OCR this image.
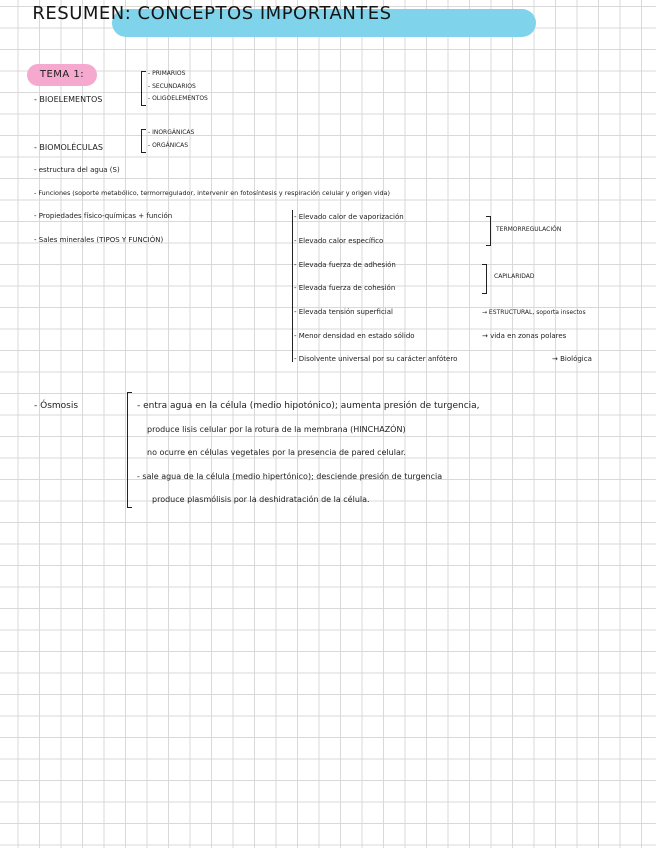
RESUMEN: CONCEPTOS IMPORTANTES
TEMA 1:
- BIOELEMENTOS
- PRIMARIOS
- SECUNDARIOS
- OLIGOELEMENTOS
- BIOMOLÉCULAS
- INORGÁNICAS
- ORGÁNICAS
- estructura del agua (S)
- Funciones (soporte metabólico, termorregulador, intervenir en fotosíntesis y respiración celular y origen vida)
- Propiedades físico-químicas + función
- Sales minerales (TIPOS Y FUNCIÓN)
- Elevado calor de vaporización
- Elevado calor específico
- Elevada fuerza de adhesión
- Elevada fuerza de cohesión
- Elevada tensión superficial
- Menor densidad en estado sólido
- Disolvente universal por su carácter anfótero
TERMORREGULACIÓN
CAPILARIDAD
→ ESTRUCTURAL, soporta insectos
→ vida en zonas polares
→ Biológica
- Ósmosis	- entra agua en la célula (medio hipotónico); aumenta presión de turgencia,
produce lisis celular por la rotura de la membrana (HINCHAZÓN)
no ocurre en células vegetales por la presencia de pared celular.
- sale agua de la célula (medio hipertónico); desciende presión de turgencia
produce plasmólisis por la deshidratación de la célula.
